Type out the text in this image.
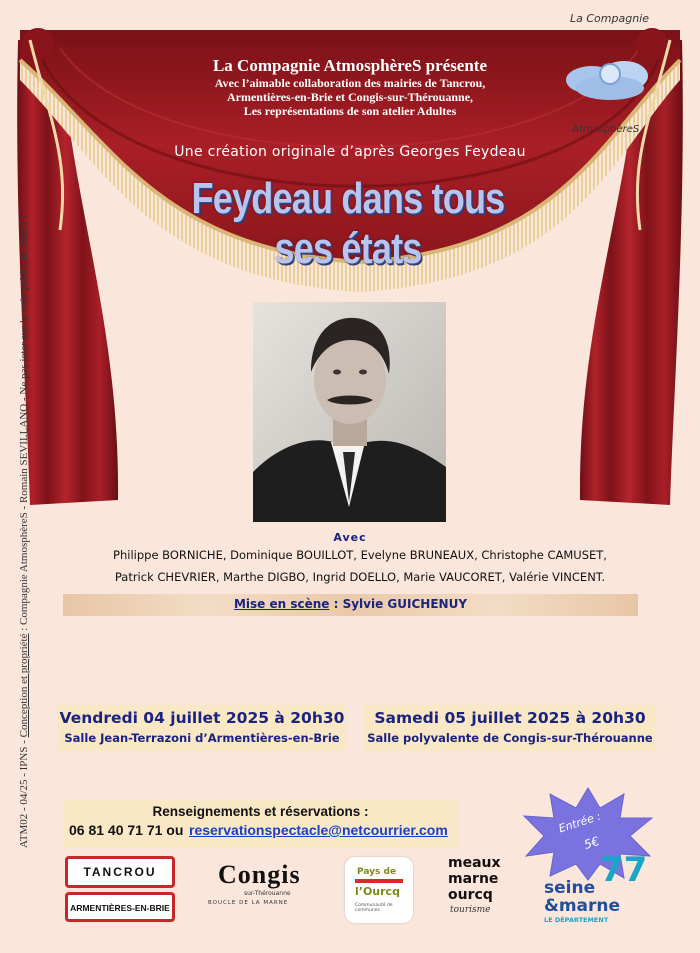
La Compagnie AtmosphèreS présente
Avec l’aimable collaboration des mairies de Tancrou,
Armentières-en-Brie et Congis-sur-Thérouanne,
Les représentations de son atelier Adultes
Une création originale d’après Georges Feydeau
Feydeau dans tous ses états
La Compagnie
AtmosphèreS
ATM02 - 04/25 - IPNS - Conception et propriété : Compagnie AtmosphèreS - Romain SEVILLANO - Ne pas jeter sur la voie publique, merci !	Avec
Philippe BORNICHE, Dominique BOUILLOT, Evelyne BRUNEAUX, Christophe CAMUSET,
Patrick CHEVRIER, Marthe DIGBO, Ingrid DOELLO, Marie VAUCORET, Valérie VINCENT.
Mise en scène : Sylvie GUICHENUY
Vendredi 04 juillet 2025 à 20h30
Salle Jean-Terrazoni d’Armentières-en-Brie
Samedi 05 juillet 2025 à 20h30
Salle polyvalente de Congis-sur-Thérouanne
Renseignements et réservations :
06 81 40 71 71 ou reservationspectacle@netcourrier.com	Entrée :
5€
TANCROU
ARMENTIÈRES-EN-BRIE
Congis
sur-Thérouanne
BOUCLE DE LA MARNE
Pays de
l’Ourcq
Communauté de communes
meaux
marne
ourcq
tourisme
77
seine
&marne
LE DÉPARTEMENT
